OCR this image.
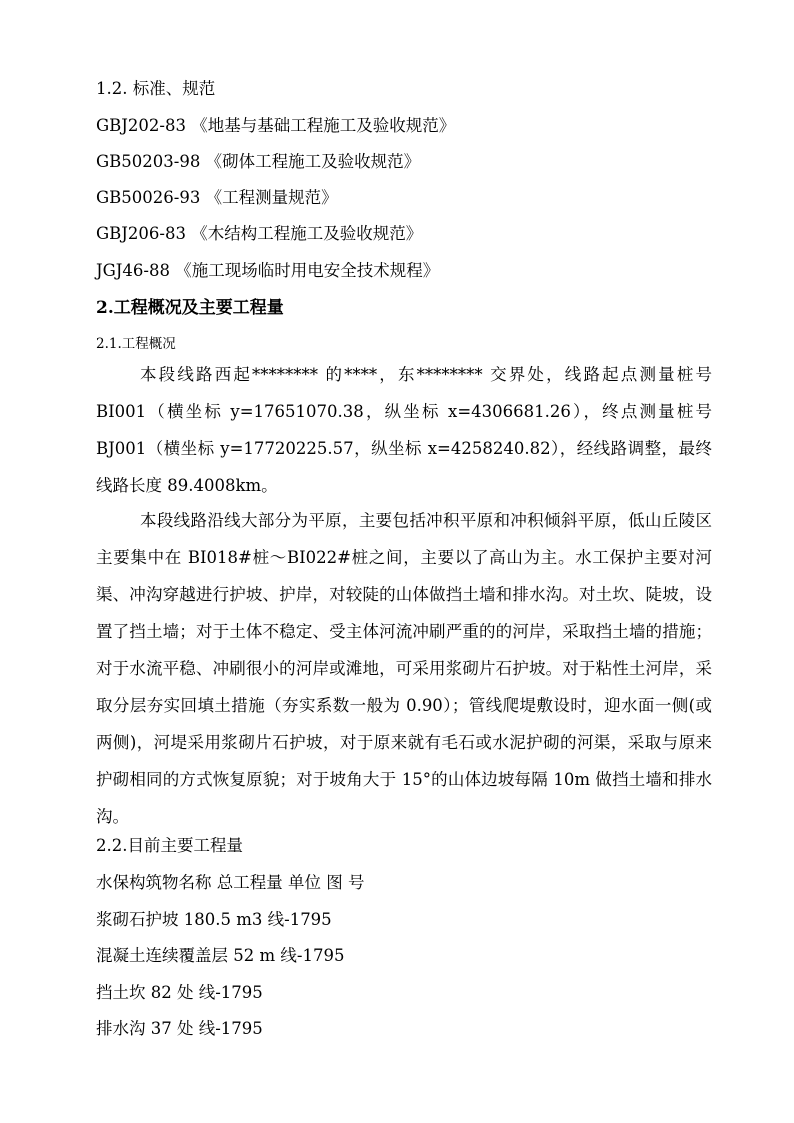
1.2. 标准、规范
GBJ202-83 《地基与基础工程施工及验收规范》
GB50203-98 《砌体工程施工及验收规范》
GB50026-93 《工程测量规范》
GBJ206-83 《木结构工程施工及验收规范》
JGJ46-88 《施工现场临时用电安全技术规程》
2.工程概况及主要工程量
2.1.工程概况
本段线路西起******** 的****，东******** 交界处，线路起点测量桩号 BI001（横坐标 y=17651070.38，纵坐标 x=4306681.26），终点测量桩号 BJ001（横坐标 y=17720225.57，纵坐标 x=4258240.82），经线路调整，最终线路长度 89.4008km。
本段线路沿线大部分为平原，主要包括冲积平原和冲积倾斜平原，低山丘陵区主要集中在 BI018#桩～BI022#桩之间，主要以了高山为主。水工保护主要对河渠、冲沟穿越进行护坡、护岸，对较陡的山体做挡土墙和排水沟。对土坎、陡坡，设置了挡土墙；对于土体不稳定、受主体河流冲刷严重的的河岸，采取挡土墙的措施；对于水流平稳、冲刷很小的河岸或滩地，可采用浆砌片石护坡。对于粘性土河岸，采取分层夯实回填土措施（夯实系数一般为 0.90）；管线爬堤敷设时，迎水面一侧(或两侧)，河堤采用浆砌片石护坡，对于原来就有毛石或水泥护砌的河渠，采取与原来护砌相同的方式恢复原貌；对于坡角大于 15°的山体边坡每隔 10m 做挡土墙和排水沟。
2.2.目前主要工程量
水保构筑物名称 总工程量 单位 图 号
浆砌石护坡 180.5 m3 线-1795
混凝土连续覆盖层 52 m 线-1795
挡土坎 82 处 线-1795
排水沟 37 处 线-1795
